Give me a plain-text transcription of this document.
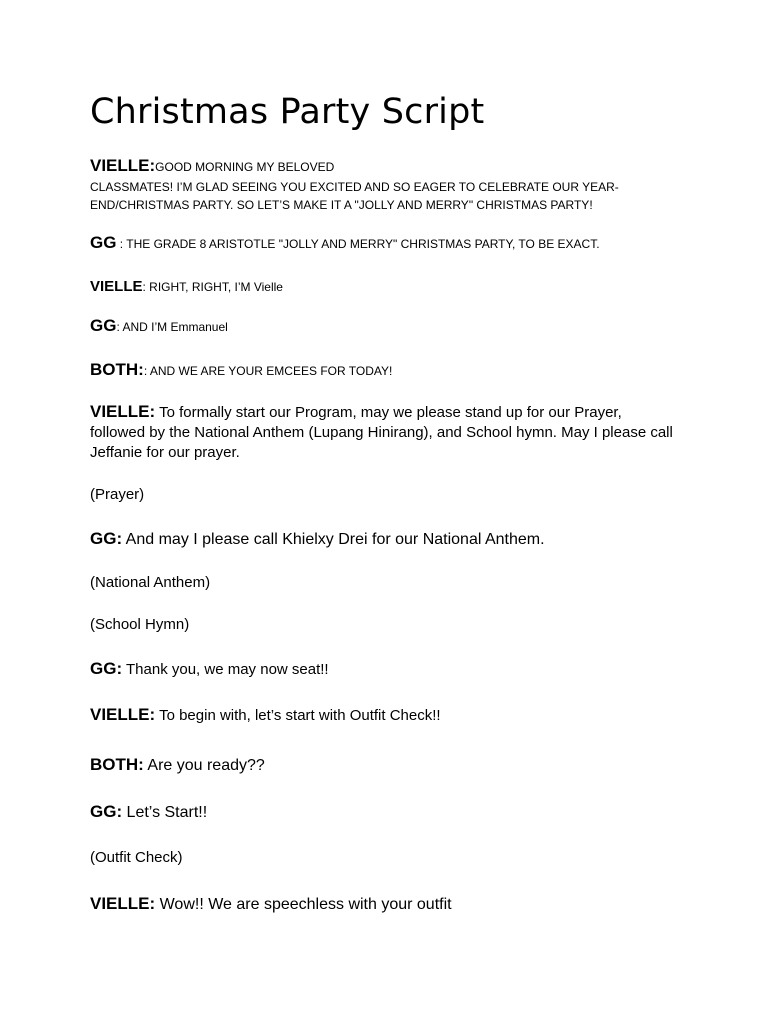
Christmas Party Script
VIELLE:GOOD MORNING MY BELOVED
CLASSMATES! I’M GLAD SEEING YOU EXCITED AND SO EAGER TO CELEBRATE OUR YEAR-
END/CHRISTMAS PARTY. SO LET’S MAKE IT A "JOLLY AND MERRY" CHRISTMAS PARTY!
GG : THE GRADE 8 ARISTOTLE "JOLLY AND MERRY" CHRISTMAS PARTY, TO BE EXACT.
VIELLE: RIGHT, RIGHT, I’M Vielle
GG: AND I’M Emmanuel
BOTH:: AND WE ARE YOUR EMCEES FOR TODAY!
VIELLE: To formally start our Program, may we please stand up for our Prayer, followed by the National Anthem (Lupang Hinirang), and School hymn. May I please call Jeffanie for our prayer.
(Prayer)
GG: And may I please call Khielxy Drei for our National Anthem.
(National Anthem)
(School Hymn)
GG: Thank you, we may now seat!!
VIELLE: To begin with, let’s start with Outfit Check!!
BOTH: Are you ready??
GG: Let’s Start!!
(Outfit Check)
VIELLE: Wow!! We are speechless with your outfit
